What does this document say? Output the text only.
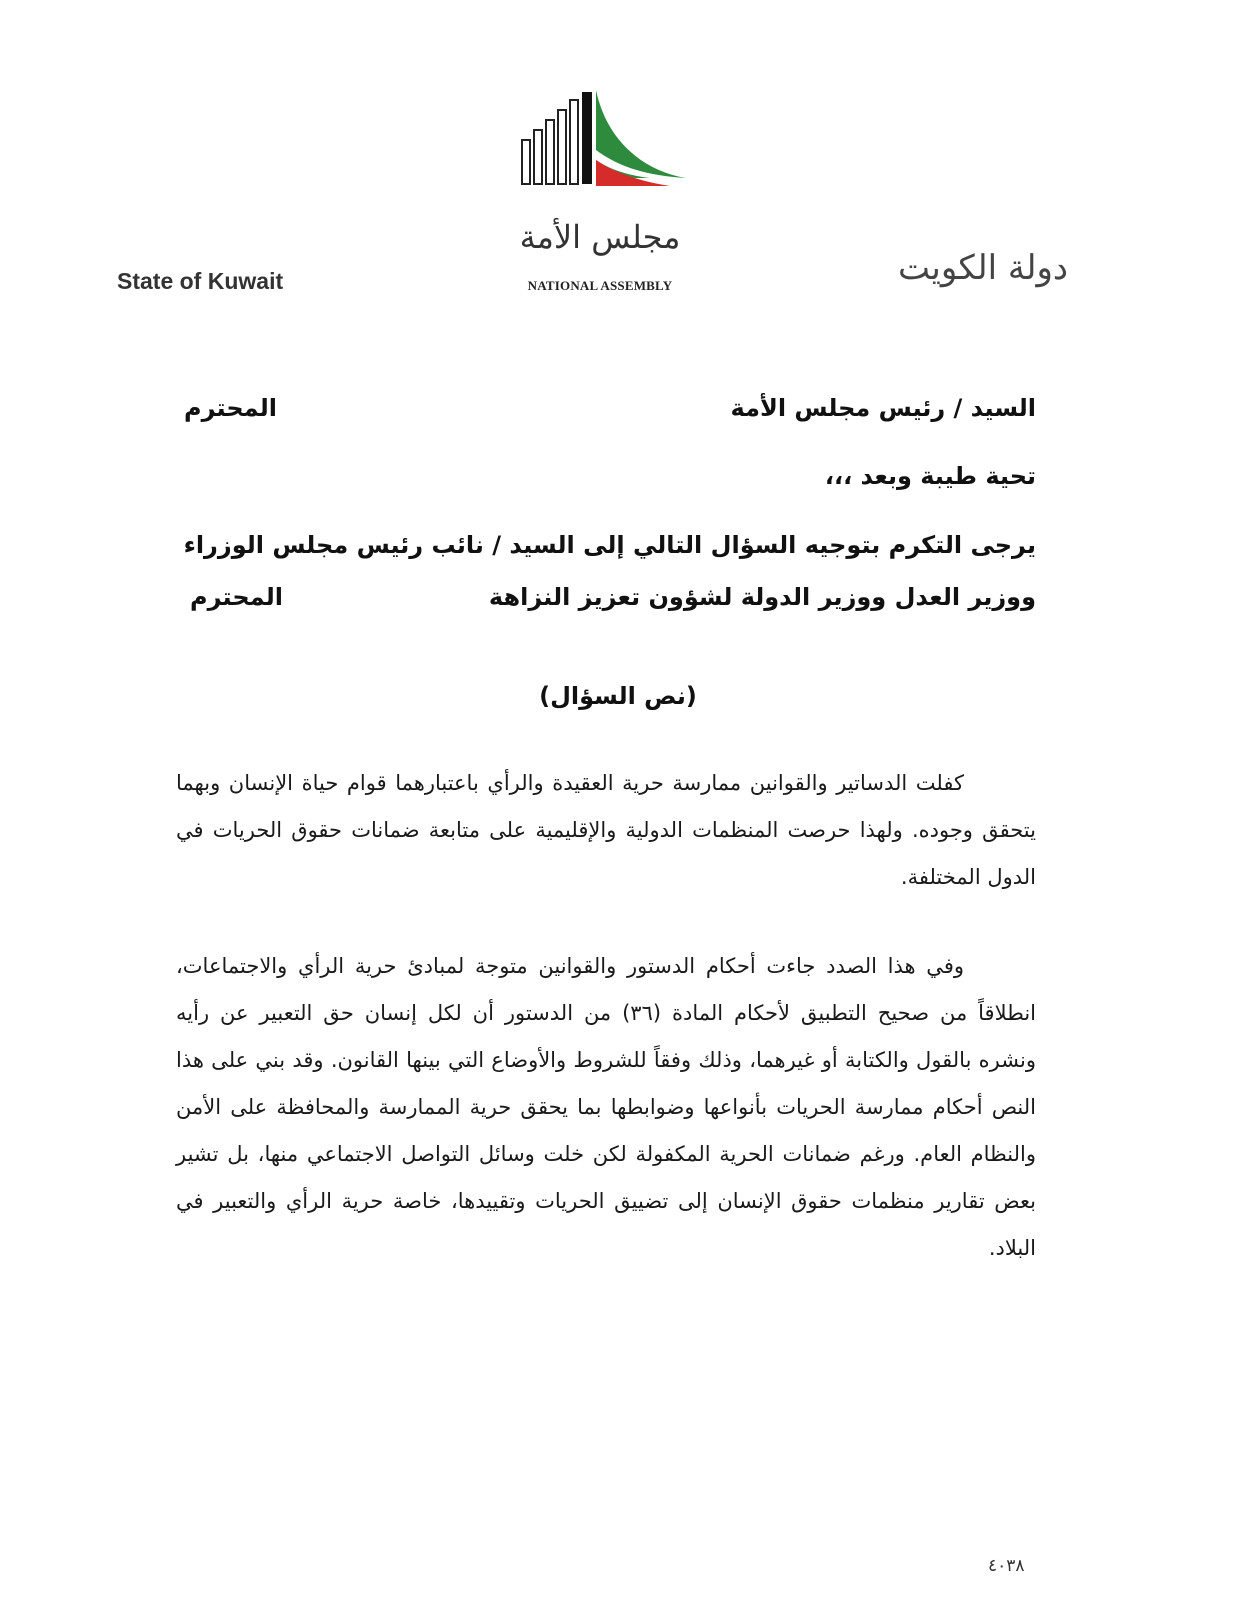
مجلس الأمة
NATIONAL ASSEMBLY
State of Kuwait	دولة الكويت
السيد / رئيس مجلس الأمة
المحترم
تحية طيبة وبعد ،،،
يرجى التكرم بتوجيه السؤال التالي إلى السيد / نائب رئيس مجلس الوزراء
ووزير العدل ووزير الدولة لشؤون تعزيز النزاهة
المحترم
(نص السؤال)

كفلت الدساتير والقوانين ممارسة حرية العقيدة والرأي باعتبارهما قوام حياة الإنسان وبهما يتحقق وجوده. ولهذا حرصت المنظمات الدولية والإقليمية على متابعة ضمانات حقوق الحريات في الدول المختلفة.

وفي هذا الصدد جاءت أحكام الدستور والقوانين متوجة لمبادئ حرية الرأي والاجتماعات، انطلاقاً من صحيح التطبيق لأحكام المادة (٣٦) من الدستور أن لكل إنسان حق التعبير عن رأيه ونشره بالقول والكتابة أو غيرهما، وذلك وفقاً للشروط والأوضاع التي بينها القانون. وقد بني على هذا النص أحكام ممارسة الحريات بأنواعها وضوابطها بما يحقق حرية الممارسة والمحافظة على الأمن والنظام العام. ورغم ضمانات الحرية المكفولة لكن خلت وسائل التواصل الاجتماعي منها، بل تشير بعض تقارير منظمات حقوق الإنسان إلى تضييق الحريات وتقييدها، خاصة حرية الرأي والتعبير في البلاد.

٤٠٣٨
